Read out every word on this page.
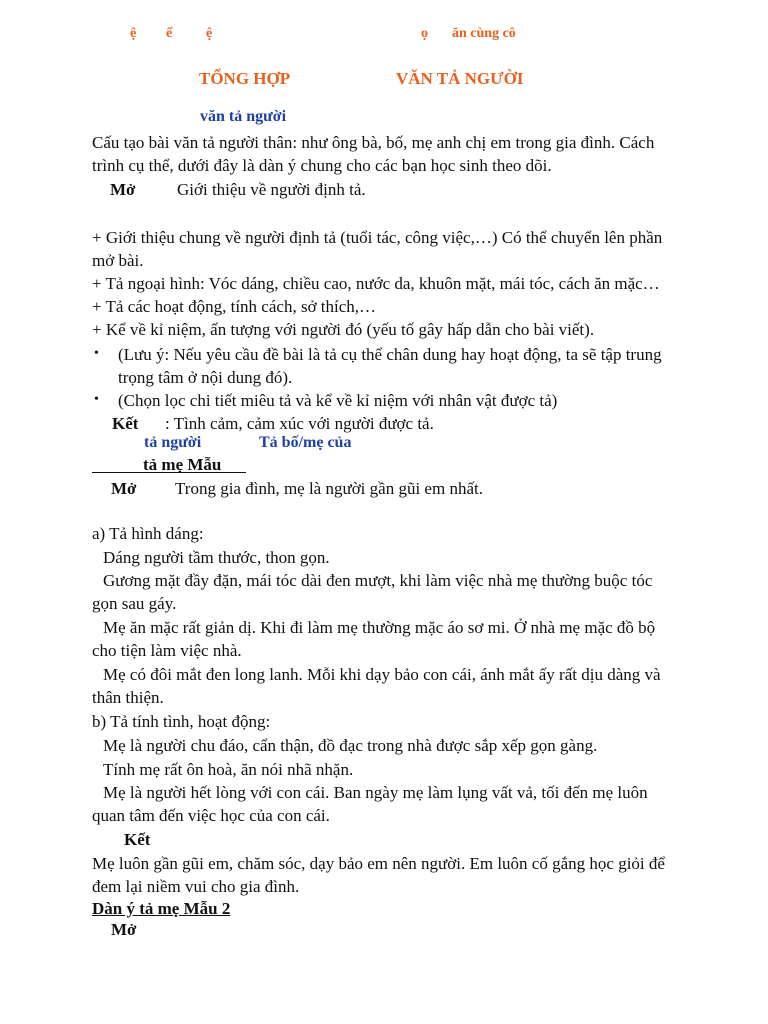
ệ ế ệ	ọ ăn cùng cô
TỔNG HỢP	VĂN TẢ NGƯỜI
văn tả người
Cấu tạo bài văn tả người thân: như ông bà, bố, mẹ anh chị em trong gia đình. Cách
trình cụ thể, dưới đây là dàn ý chung cho các bạn học sinh theo dõi.
Mở Giới thiệu về người định tả.
+ Giới thiệu chung về người định tả (tuổi tác, công việc,…) Có thể chuyển lên phần
mở bài.
+ Tả ngoại hình: Vóc dáng, chiều cao, nước da, khuôn mặt, mái tóc, cách ăn mặc…
+ Tả các hoạt động, tính cách, sở thích,…
+ Kể về kỉ niệm, ấn tượng với người đó (yếu tố gây hấp dẫn cho bài viết).
• (Lưu ý: Nếu yêu cầu đề bài là tả cụ thể chân dung hay hoạt động, ta sẽ tập trung
trọng tâm ở nội dung đó).
• (Chọn lọc chi tiết miêu tả và kể về kỉ niệm với nhân vật được tả)
Kết : Tình cảm, cảm xúc với người được tả.
tả người	Tả bố/mẹ của
tả mẹ Mẫu
Mở Trong gia đình, mẹ là người gần gũi em nhất.
a) Tả hình dáng:
Dáng người tầm thước, thon gọn.
Gương mặt đầy đặn, mái tóc dài đen mượt, khi làm việc nhà mẹ thường buộc tóc
gọn sau gáy.
Mẹ ăn mặc rất giản dị. Khi đi làm mẹ thường mặc áo sơ mi. Ở nhà mẹ mặc đồ bộ
cho tiện làm việc nhà.
Mẹ có đôi mắt đen long lanh. Mỗi khi dạy bảo con cái, ánh mắt ấy rất dịu dàng và
thân thiện.
b) Tả tính tình, hoạt động:
Mẹ là người chu đáo, cẩn thận, đồ đạc trong nhà được sắp xếp gọn gàng.
Tính mẹ rất ôn hoà, ăn nói nhã nhặn.
Mẹ là người hết lòng với con cái. Ban ngày mẹ làm lụng vất vả, tối đến mẹ luôn
quan tâm đến việc học của con cái.
Kết
Mẹ luôn gần gũi em, chăm sóc, dạy bảo em nên người. Em luôn cố gắng học giỏi để
đem lại niềm vui cho gia đình.
Dàn ý tả mẹ Mẫu 2
Mở
